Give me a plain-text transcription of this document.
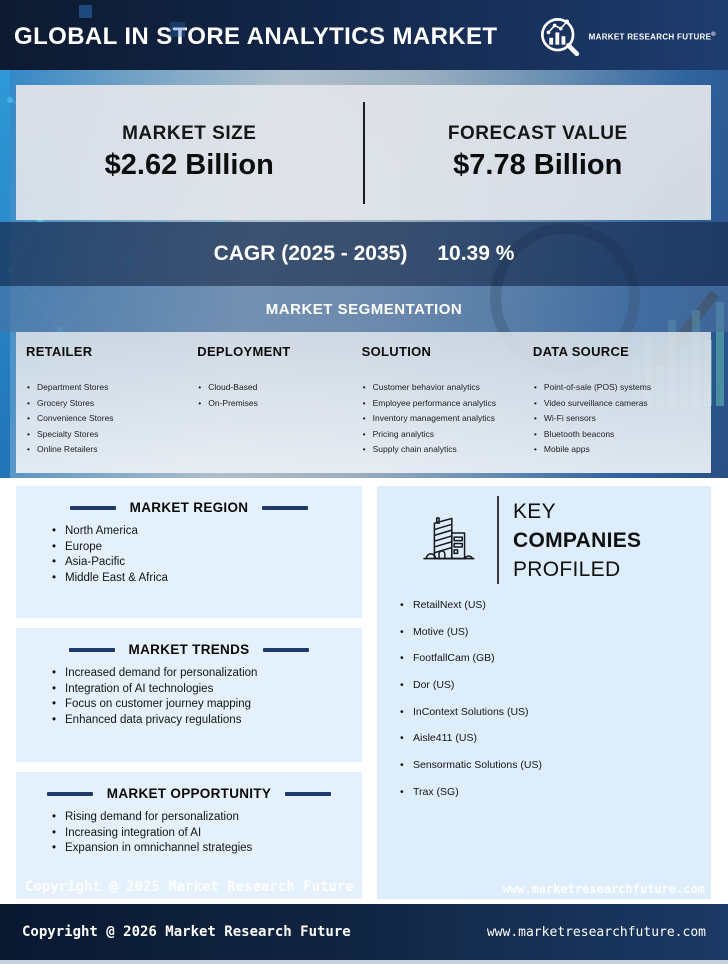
GLOBAL IN STORE ANALYTICS MARKET	MARKET RESEARCH FUTURE®
MARKET SIZE
$2.62 Billion
FORECAST VALUE
$7.78 Billion
CAGR (2025 - 2035) 10.39 %
MARKET SEGMENTATION
RETAILER
• Department Stores
• Grocery Stores
• Convenience Stores
• Specialty Stores
• Online Retailers
DEPLOYMENT
• Cloud-Based
• On-Premises
SOLUTION
• Customer behavior analytics
• Employee performance analytics
• Inventory management analytics
• Pricing analytics
• Supply chain analytics
DATA SOURCE
• Point-of-sale (POS) systems
• Video surveillance cameras
• Wi-Fi sensors
• Bluetooth beacons
• Mobile apps
MARKET REGION
• North America
• Europe
• Asia-Pacific
• Middle East & Africa
MARKET TRENDS
• Increased demand for personalization
• Integration of AI technologies
• Focus on customer journey mapping
• Enhanced data privacy regulations
MARKET OPPORTUNITY
• Rising demand for personalization
• Increasing integration of AI
• Expansion in omnichannel strategies
KEY
COMPANIES
PROFILED
• RetailNext (US)
• Motive (US)
• FootfallCam (GB)
• Dor (US)
• InContext Solutions (US)
• Aisle411 (US)
• Sensormatic Solutions (US)
• Trax (SG)
Copyright @ 2025 Market Research Future	www.marketresearchfuture.com
Copyright @ 2026 Market Research Future	www.marketresearchfuture.com
